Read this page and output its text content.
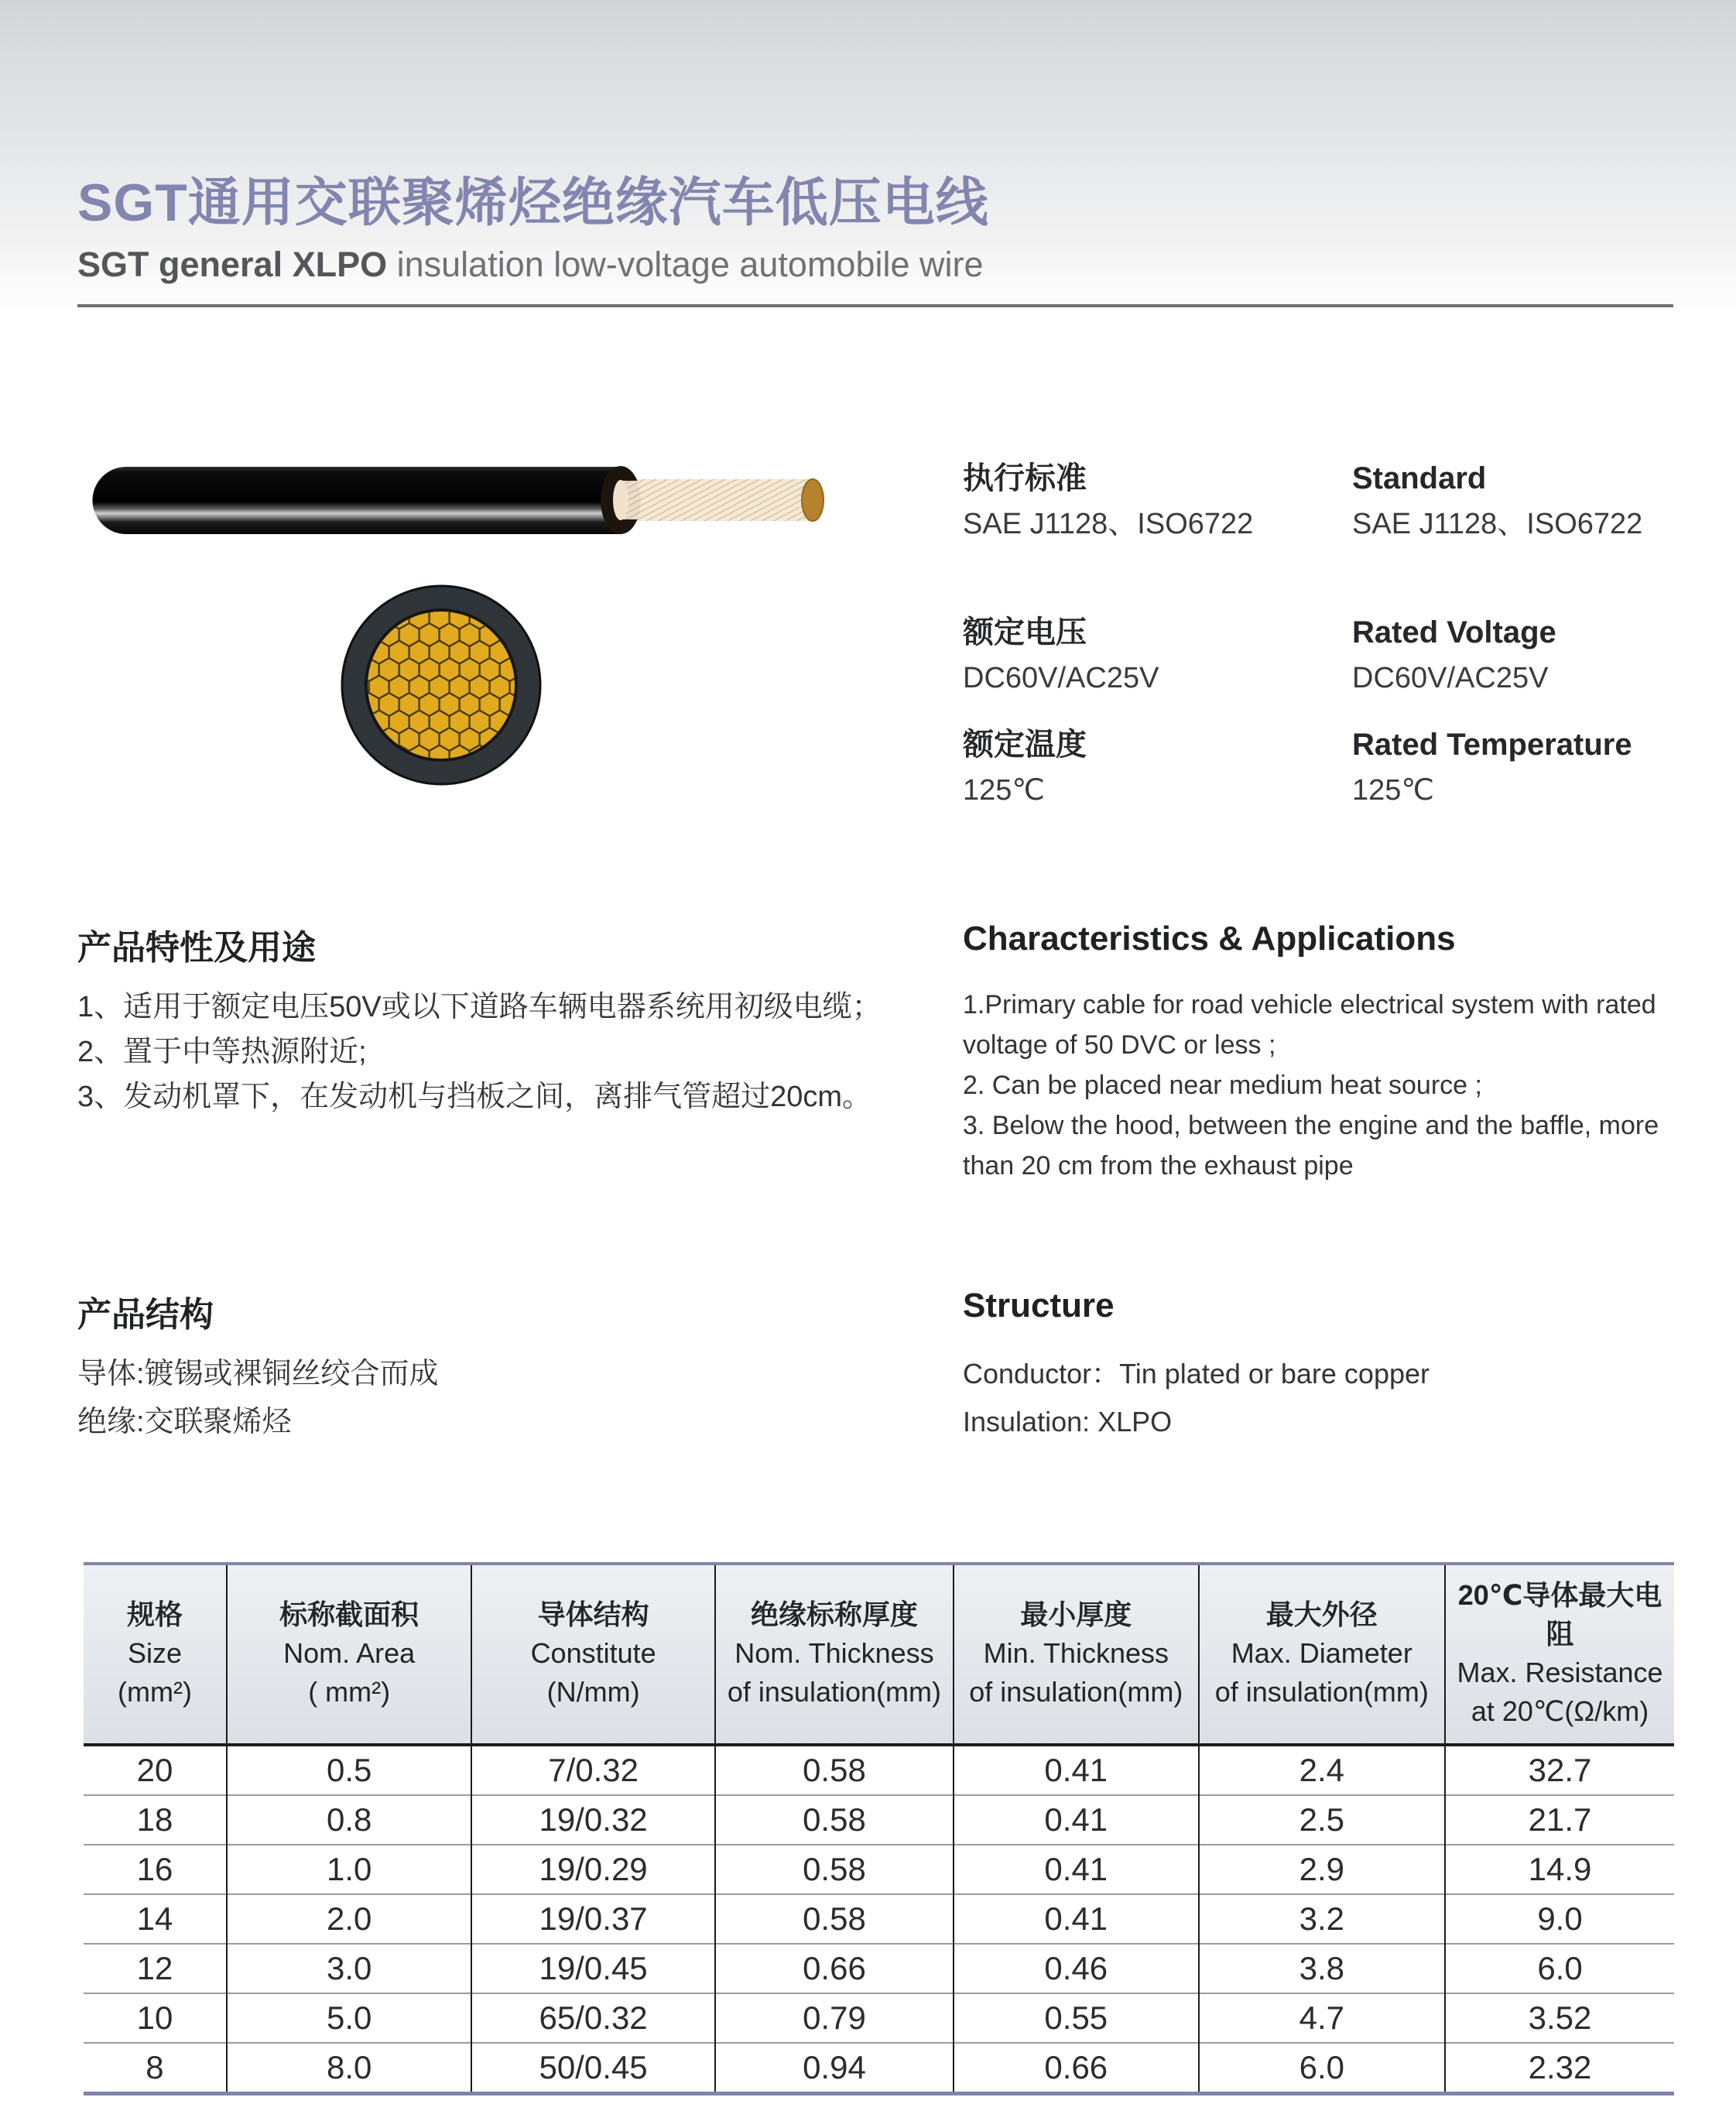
SGT通用交联聚烯烃绝缘汽车低压电线

SGT general XLPO insulation low-voltage automobile wire

执行标准

SAE J1128、ISO6722

额定电压

DC60V/AC25V

额定温度

125℃

Standard

SAE J1128、ISO6722

Rated Voltage

DC60V/AC25V

Rated Temperature

125℃

产品特性及用途

1、适用于额定电压50V或以下道路车辆电器系统用初级电缆；

2、置于中等热源附近;

3、发动机罩下，在发动机与挡板之间，离排气管超过20cm。

Characteristics & Applications

1.Primary cable for road vehicle electrical system with rated voltage of 50 DVC or less ;

2. Can be placed near medium heat source ;

3. Below the hood, between the engine and the baffle, more than 20 cm from the exhaust pipe

产品结构

导体:镀锡或裸铜丝绞合而成

绝缘:交联聚烯烃

Structure

Conductor：Tin plated or bare copper

Insulation: XLPO

规格
Size
(mm²)

标称截面积
Nom. Area
( mm²)

导体结构
Constitute
(N/mm)

绝缘标称厚度
Nom. Thickness
of insulation(mm)

最小厚度
Min. Thickness
of insulation(mm)

最大外径
Max. Diameter
of insulation(mm)

20℃导体最大电阻
Max. Resistance
at 20℃(Ω/km)

20	0.5	7/0.32	0.58	0.41	2.4	32.7
18	0.8	19/0.32	0.58	0.41	2.5	21.7
16	1.0	19/0.29	0.58	0.41	2.9	14.9
14	2.0	19/0.37	0.58	0.41	3.2	9.0
12	3.0	19/0.45	0.66	0.46	3.8	6.0
10	5.0	65/0.32	0.79	0.55	4.7	3.52
8	8.0	50/0.45	0.94	0.66	6.0	2.32
